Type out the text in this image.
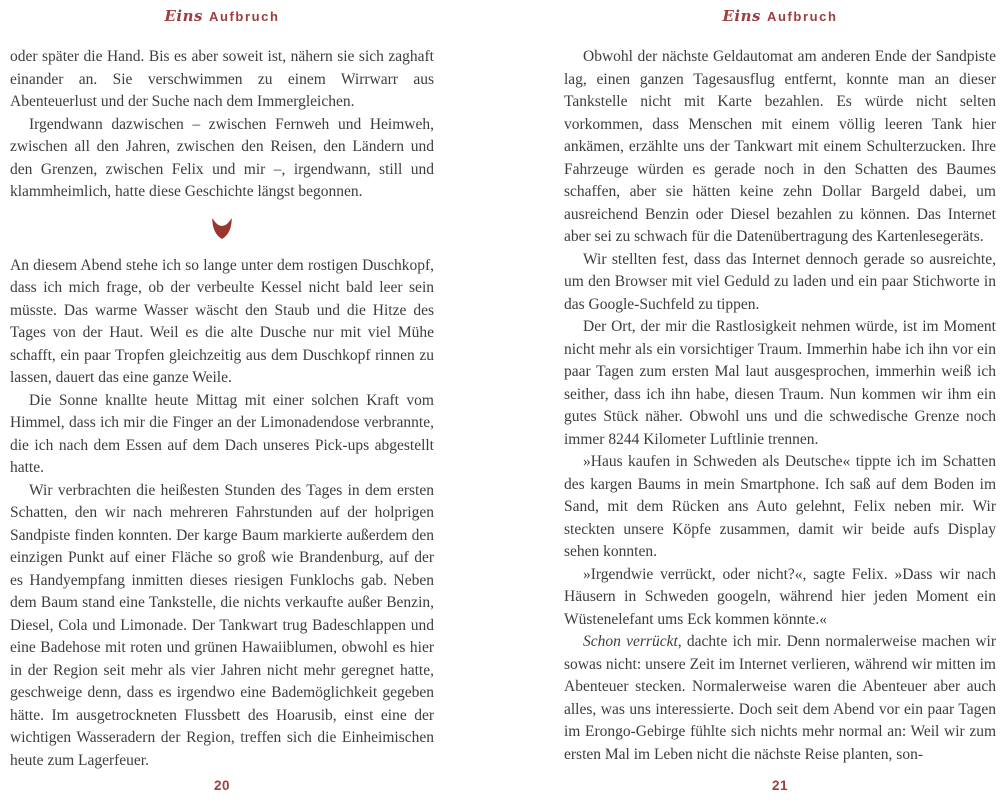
Eins Aufbruch

oder später die Hand. Bis es aber soweit ist, nähern sie sich zaghaft einander an. Sie verschwimmen zu einem Wirrwarr aus Abenteuerlust und der Suche nach dem Immergleichen.

Irgendwann dazwischen – zwischen Fernweh und Heimweh, zwischen all den Jahren, zwischen den Reisen, den Ländern und den Grenzen, zwischen Felix und mir –, irgendwann, still und klammheimlich, hatte diese Geschichte längst begonnen.

An diesem Abend stehe ich so lange unter dem rostigen Duschkopf, dass ich mich frage, ob der verbeulte Kessel nicht bald leer sein müsste. Das warme Wasser wäscht den Staub und die Hitze des Tages von der Haut. Weil es die alte Dusche nur mit viel Mühe schafft, ein paar Tropfen gleichzeitig aus dem Duschkopf rinnen zu lassen, dauert das eine ganze Weile.

Die Sonne knallte heute Mittag mit einer solchen Kraft vom Himmel, dass ich mir die Finger an der Limonadendose verbrannte, die ich nach dem Essen auf dem Dach unseres Pick-ups abgestellt hatte.

Wir verbrachten die heißesten Stunden des Tages in dem ersten Schatten, den wir nach mehreren Fahrstunden auf der holprigen Sandpiste finden konnten. Der karge Baum markierte außerdem den einzigen Punkt auf einer Fläche so groß wie Brandenburg, auf der es Handyempfang inmitten dieses riesigen Funklochs gab. Neben dem Baum stand eine Tankstelle, die nichts verkaufte außer Benzin, Diesel, Cola und Limonade. Der Tankwart trug Badeschlappen und eine Badehose mit roten und grünen Hawaiiblumen, obwohl es hier in der Region seit mehr als vier Jahren nicht mehr geregnet hatte, geschweige denn, dass es irgendwo eine Bademöglichkeit gegeben hätte. Im ausgetrockneten Flussbett des Hoarusib, einst eine der wichtigen Wasseradern der Region, treffen sich die Einheimischen heute zum Lagerfeuer.

20
Eins Aufbruch

Obwohl der nächste Geldautomat am anderen Ende der Sandpiste lag, einen ganzen Tagesausflug entfernt, konnte man an dieser Tankstelle nicht mit Karte bezahlen. Es würde nicht selten vorkommen, dass Menschen mit einem völlig leeren Tank hier ankämen, erzählte uns der Tankwart mit einem Schulterzucken. Ihre Fahrzeuge würden es gerade noch in den Schatten des Baumes schaffen, aber sie hätten keine zehn Dollar Bargeld dabei, um ausreichend Benzin oder Diesel bezahlen zu können. Das Internet aber sei zu schwach für die Datenübertragung des Kartenlesegeräts.

Wir stellten fest, dass das Internet dennoch gerade so ausreichte, um den Browser mit viel Geduld zu laden und ein paar Stichworte in das Google-Suchfeld zu tippen.

Der Ort, der mir die Rastlosigkeit nehmen würde, ist im Moment nicht mehr als ein vorsichtiger Traum. Immerhin habe ich ihn vor ein paar Tagen zum ersten Mal laut ausgesprochen, immerhin weiß ich seither, dass ich ihn habe, diesen Traum. Nun kommen wir ihm ein gutes Stück näher. Obwohl uns und die schwedische Grenze noch immer 8244 Kilometer Luftlinie trennen.

»Haus kaufen in Schweden als Deutsche« tippte ich im Schatten des kargen Baums in mein Smartphone. Ich saß auf dem Boden im Sand, mit dem Rücken ans Auto gelehnt, Felix neben mir. Wir steckten unsere Köpfe zusammen, damit wir beide aufs Display sehen konnten.

»Irgendwie verrückt, oder nicht?«, sagte Felix. »Dass wir nach Häusern in Schweden googeln, während hier jeden Moment ein Wüstenelefant ums Eck kommen könnte.«

Schon verrückt, dachte ich mir. Denn normalerweise machen wir sowas nicht: unsere Zeit im Internet verlieren, während wir mitten im Abenteuer stecken. Normalerweise waren die Abenteuer aber auch alles, was uns interessierte. Doch seit dem Abend vor ein paar Tagen im Erongo-Gebirge fühlte sich nichts mehr normal an: Weil wir zum ersten Mal im Leben nicht die nächste Reise planten, son-

21
